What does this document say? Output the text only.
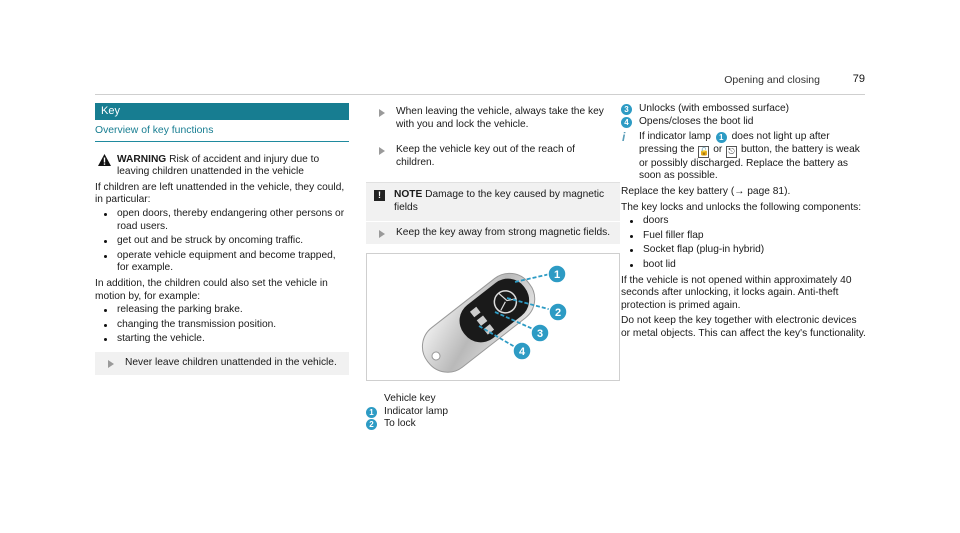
Opening and closing	79
Key
Overview of key functions
WARNING Risk of accident and injury due to leaving children unattended in the vehicle

If children are left unattended in the vehicle, they could, in particular:

open doors, thereby endangering other persons or road users.
get out and be struck by oncoming traffic.
operate vehicle equipment and become trapped, for example.

In addition, the children could also set the vehicle in motion by, for example:

releasing the parking brake.
changing the transmission position.
starting the vehicle.
Never leave children unattended in the vehicle.
When leaving the vehicle, always take the key with you and lock the vehicle.
Keep the vehicle key out of the reach of children.
!	NOTE Damage to the key caused by magnetic fields
Keep the key away from strong magnetic fields.
1
2
3
4
Vehicle key
1	Indicator lamp
2	To lock
3	Unlocks (with embossed surface)
4	Opens/closes the boot lid
i If indicator lamp 1 does not light up after pressing the 🔓 or ⎋ button, the battery is weak or possibly discharged. Replace the battery as soon as possible.

Replace the key battery (→ page 81).

The key locks and unlocks the following components:

doors
Fuel filler flap
Socket flap (plug-in hybrid)
boot lid

If the vehicle is not opened within approximately 40 seconds after unlocking, it locks again. Anti-theft protection is primed again.

Do not keep the key together with electronic devices or metal objects. This can affect the key's functionality.
